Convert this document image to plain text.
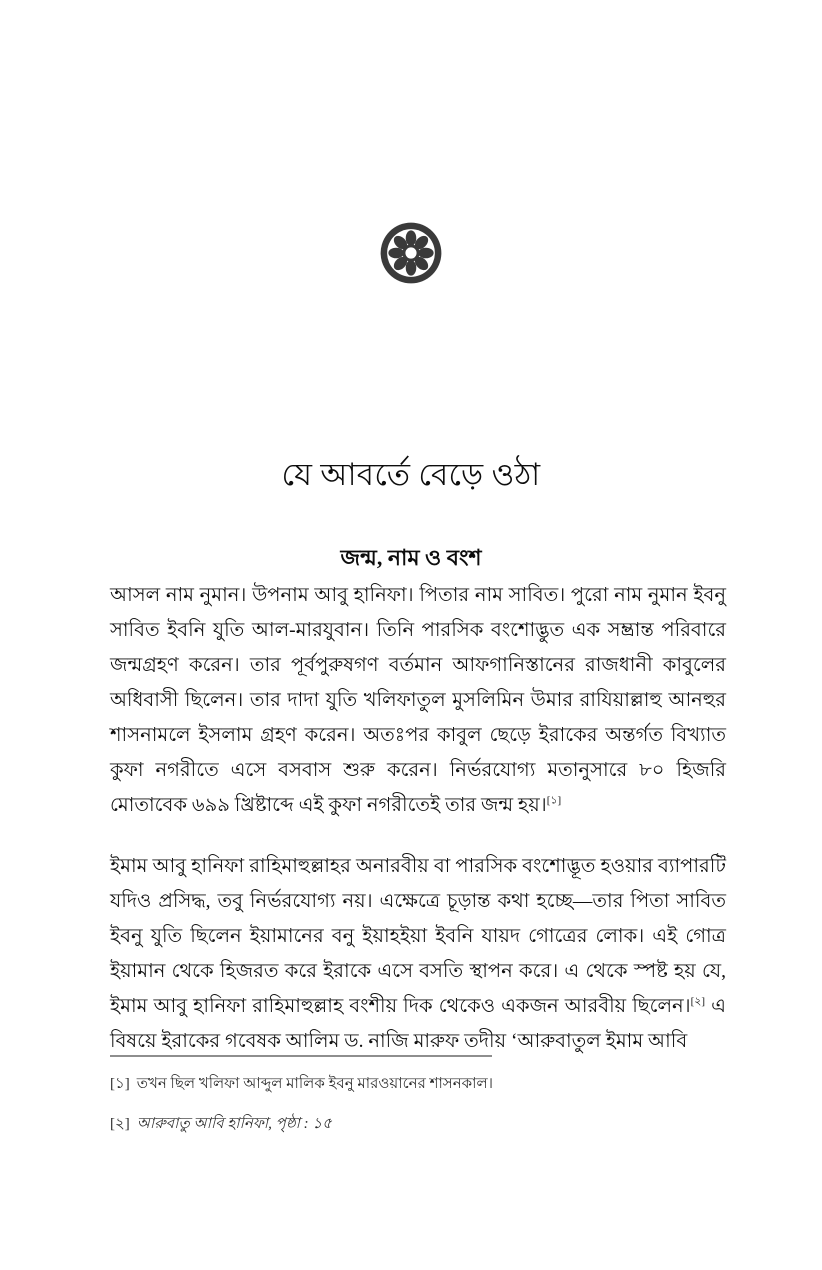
যে আবর্তে বেড়ে ওঠা
জন্ম, নাম ও বংশ

আসল নাম নুমান। উপনাম আবু হানিফা। পিতার নাম সাবিত। পুরো নাম নুমান ইবনু সাবিত ইবনি যুতি আল-মারযুবান। তিনি পারসিক বংশোদ্ভুত এক সম্ভ্রান্ত পরিবারে জন্মগ্রহণ করেন। তার পূর্বপুরুষগণ বর্তমান আফগানিস্তানের রাজধানী কাবুলের অধিবাসী ছিলেন। তার দাদা যুতি খলিফাতুল মুসলিমিন উমার রাযিয়াল্লাহু আনহুর শাসনামলে ইসলাম গ্রহণ করেন। অতঃপর কাবুল ছেড়ে ইরাকের অন্তর্গত বিখ্যাত কুফা নগরীতে এসে বসবাস শুরু করেন। নির্ভরযোগ্য মতানুসারে ৮০ হিজরি মোতাবেক ৬৯৯ খ্রিষ্টাব্দে এই কুফা নগরীতেই তার জন্ম হয়।[১]

ইমাম আবু হানিফা রাহিমাহুল্লাহর অনারবীয় বা পারসিক বংশোদ্ভূত হওয়ার ব্যাপারটি যদিও প্রসিদ্ধ, তবু নির্ভরযোগ্য নয়। এক্ষেত্রে চূড়ান্ত কথা হচ্ছে—তার পিতা সাবিত ইবনু যুতি ছিলেন ইয়ামানের বনু ইয়াহইয়া ইবনি যায়দ গোত্রের লোক। এই গোত্র ইয়ামান থেকে হিজরত করে ইরাকে এসে বসতি স্থাপন করে। এ থেকে স্পষ্ট হয় যে, ইমাম আবু হানিফা রাহিমাহুল্লাহ বংশীয় দিক থেকেও একজন আরবীয় ছিলেন।[২] এ বিষয়ে ইরাকের গবেষক আলিম ড. নাজি মারুফ তদীয় ‘আরুবাতুল ইমাম আবি

[১] তখন ছিল খলিফা আব্দুল মালিক ইবনু মারওয়ানের শাসনকাল।
[২] আরুবাতু আবি হানিফা, পৃষ্ঠা : ১৫
